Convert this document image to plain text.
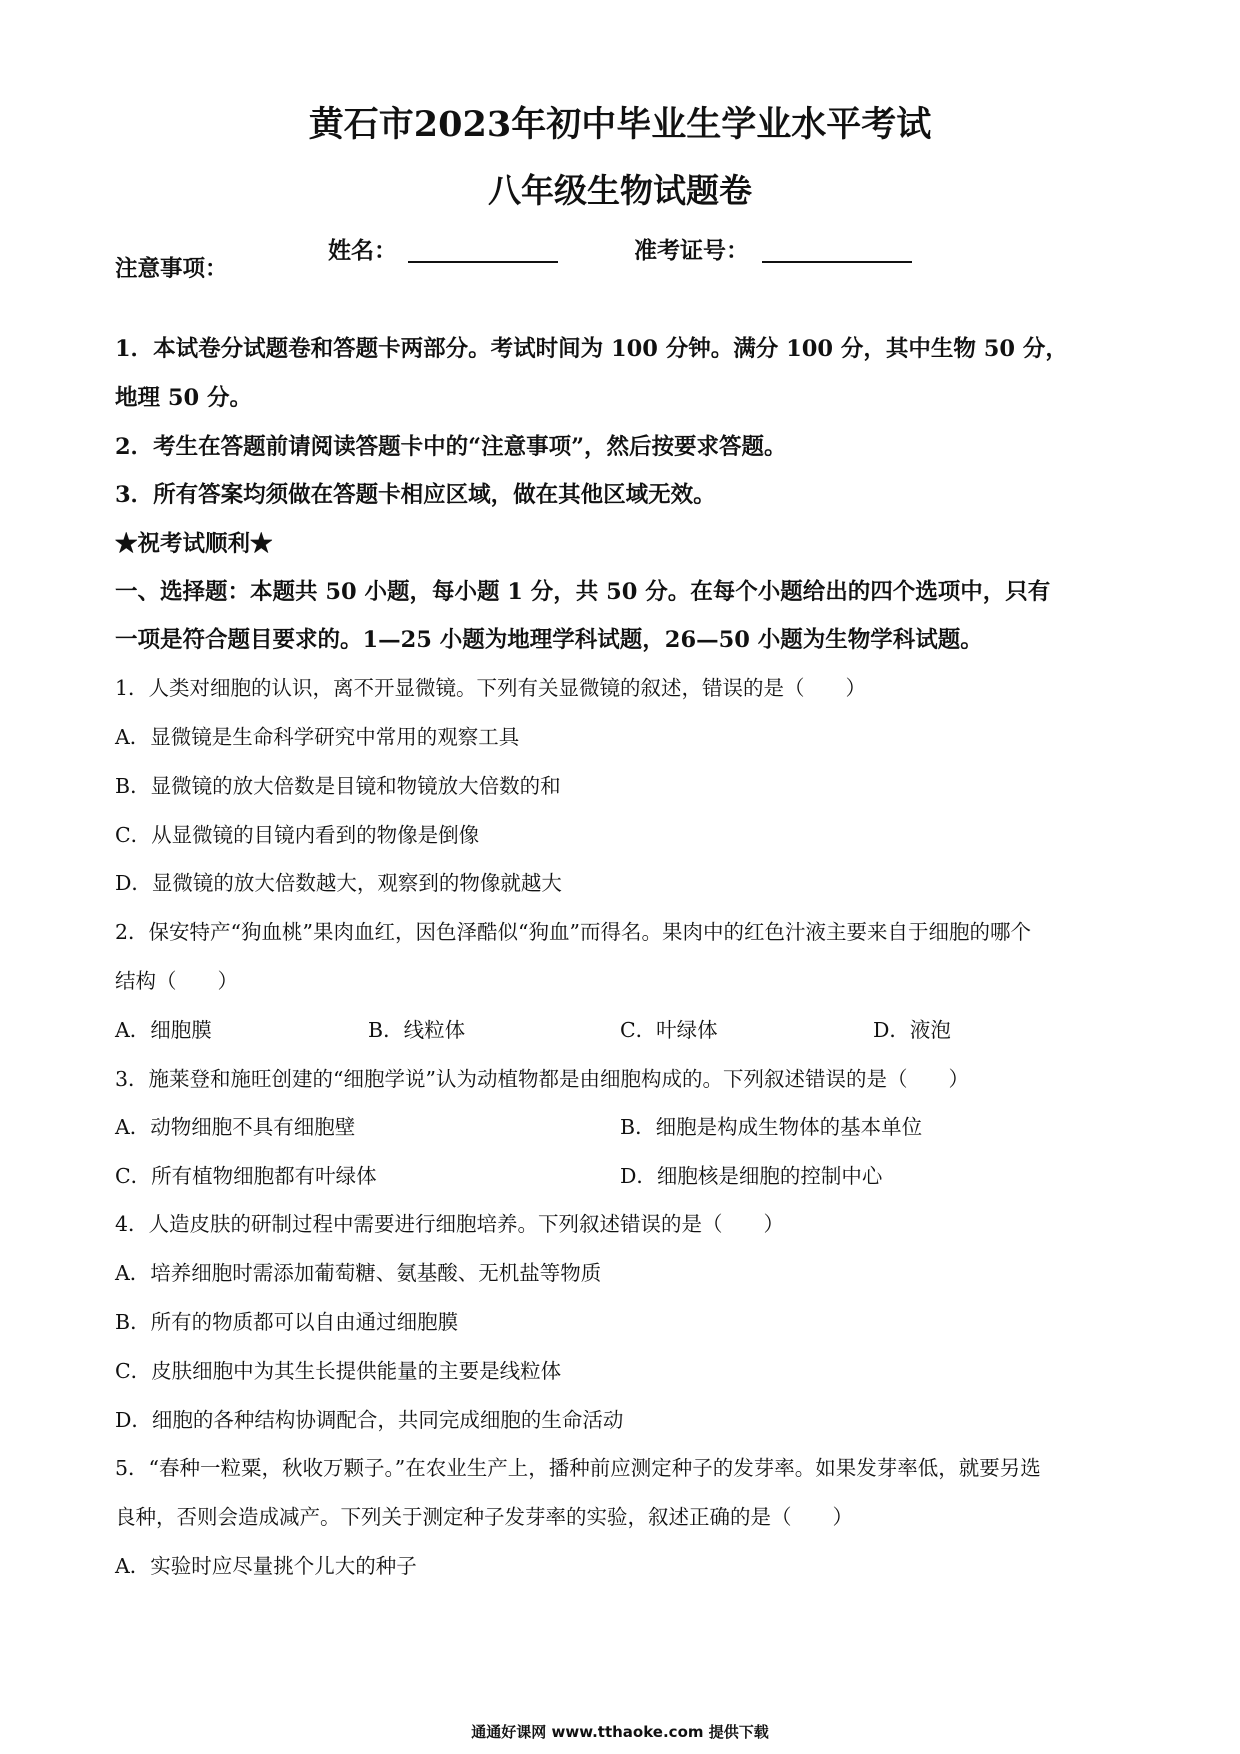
黄石市2023年初中毕业生学业水平考试
八年级生物试题卷
姓名：	准考证号：
注意事项：
1．本试卷分试题卷和答题卡两部分。考试时间为 100 分钟。满分 100 分，其中生物 50 分，
地理 50 分。
2．考生在答题前请阅读答题卡中的“注意事项”，然后按要求答题。
3．所有答案均须做在答题卡相应区域，做在其他区域无效。
★祝考试顺利★
一、选择题：本题共 50 小题，每小题 1 分，共 50 分。在每个小题给出的四个选项中，只有
一项是符合题目要求的。1—25 小题为地理学科试题，26—50 小题为生物学科试题。
1．人类对细胞的认识，离不开显微镜。下列有关显微镜的叙述，错误的是（　　）
A．显微镜是生命科学研究中常用的观察工具
B．显微镜的放大倍数是目镜和物镜放大倍数的和
C．从显微镜的目镜内看到的物像是倒像
D．显微镜的放大倍数越大，观察到的物像就越大
2．保安特产“狗血桃”果肉血红，因色泽酷似“狗血”而得名。果肉中的红色汁液主要来自于细胞的哪个
结构（　　）
A．细胞膜	B．线粒体	C．叶绿体	D．液泡
3．施莱登和施旺创建的“细胞学说”认为动植物都是由细胞构成的。下列叙述错误的是（　　）
A．动物细胞不具有细胞壁	B．细胞是构成生物体的基本单位
C．所有植物细胞都有叶绿体	D．细胞核是细胞的控制中心
4．人造皮肤的研制过程中需要进行细胞培养。下列叙述错误的是（　　）
A．培养细胞时需添加葡萄糖、氨基酸、无机盐等物质
B．所有的物质都可以自由通过细胞膜
C．皮肤细胞中为其生长提供能量的主要是线粒体
D．细胞的各种结构协调配合，共同完成细胞的生命活动
5．“春种一粒粟，秋收万颗子。”在农业生产上，播种前应测定种子的发芽率。如果发芽率低，就要另选
良种，否则会造成减产。下列关于测定种子发芽率的实验，叙述正确的是（　　）
A．实验时应尽量挑个儿大的种子
通通好课网 www.tthaoke.com 提供下载
